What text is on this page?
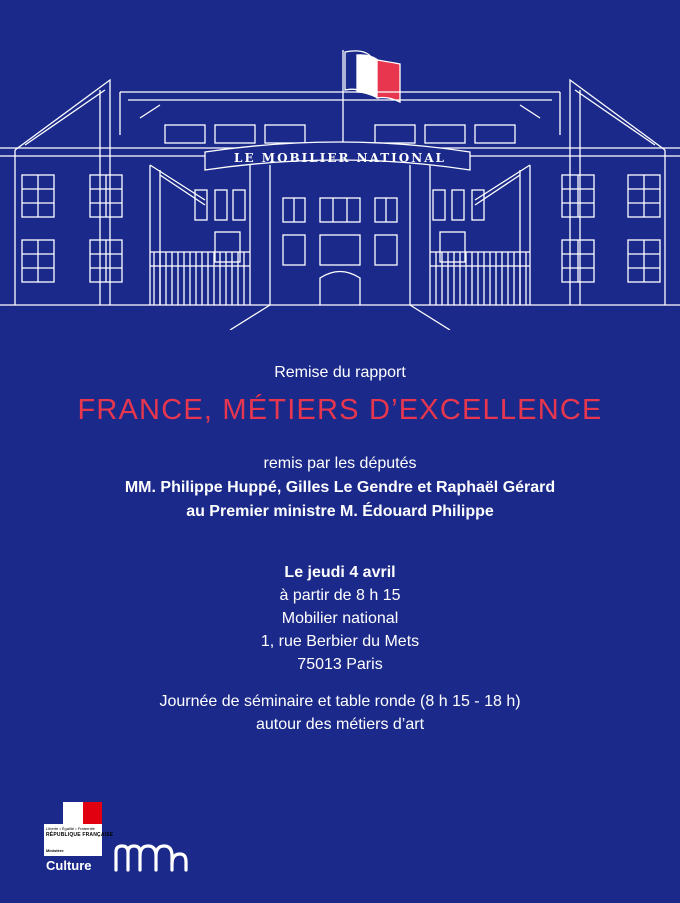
LE MOBILIER NATIONAL
Remise du rapport
FRANCE, MÉTIERS D’EXCELLENCE
remis par les députés
MM. Philippe Huppé, Gilles Le Gendre et Raphaël Gérard
au Premier ministre M. Édouard Philippe
Le jeudi 4 avril
à partir de 8 h 15
Mobilier national
1, rue Berbier du Mets
75013 Paris
Journée de séminaire et table ronde (8 h 15 - 18 h)
autour des métiers d’art
Liberté • Égalité • Fraternité
RÉPUBLIQUE FRANÇAISE
Ministère
Culture
